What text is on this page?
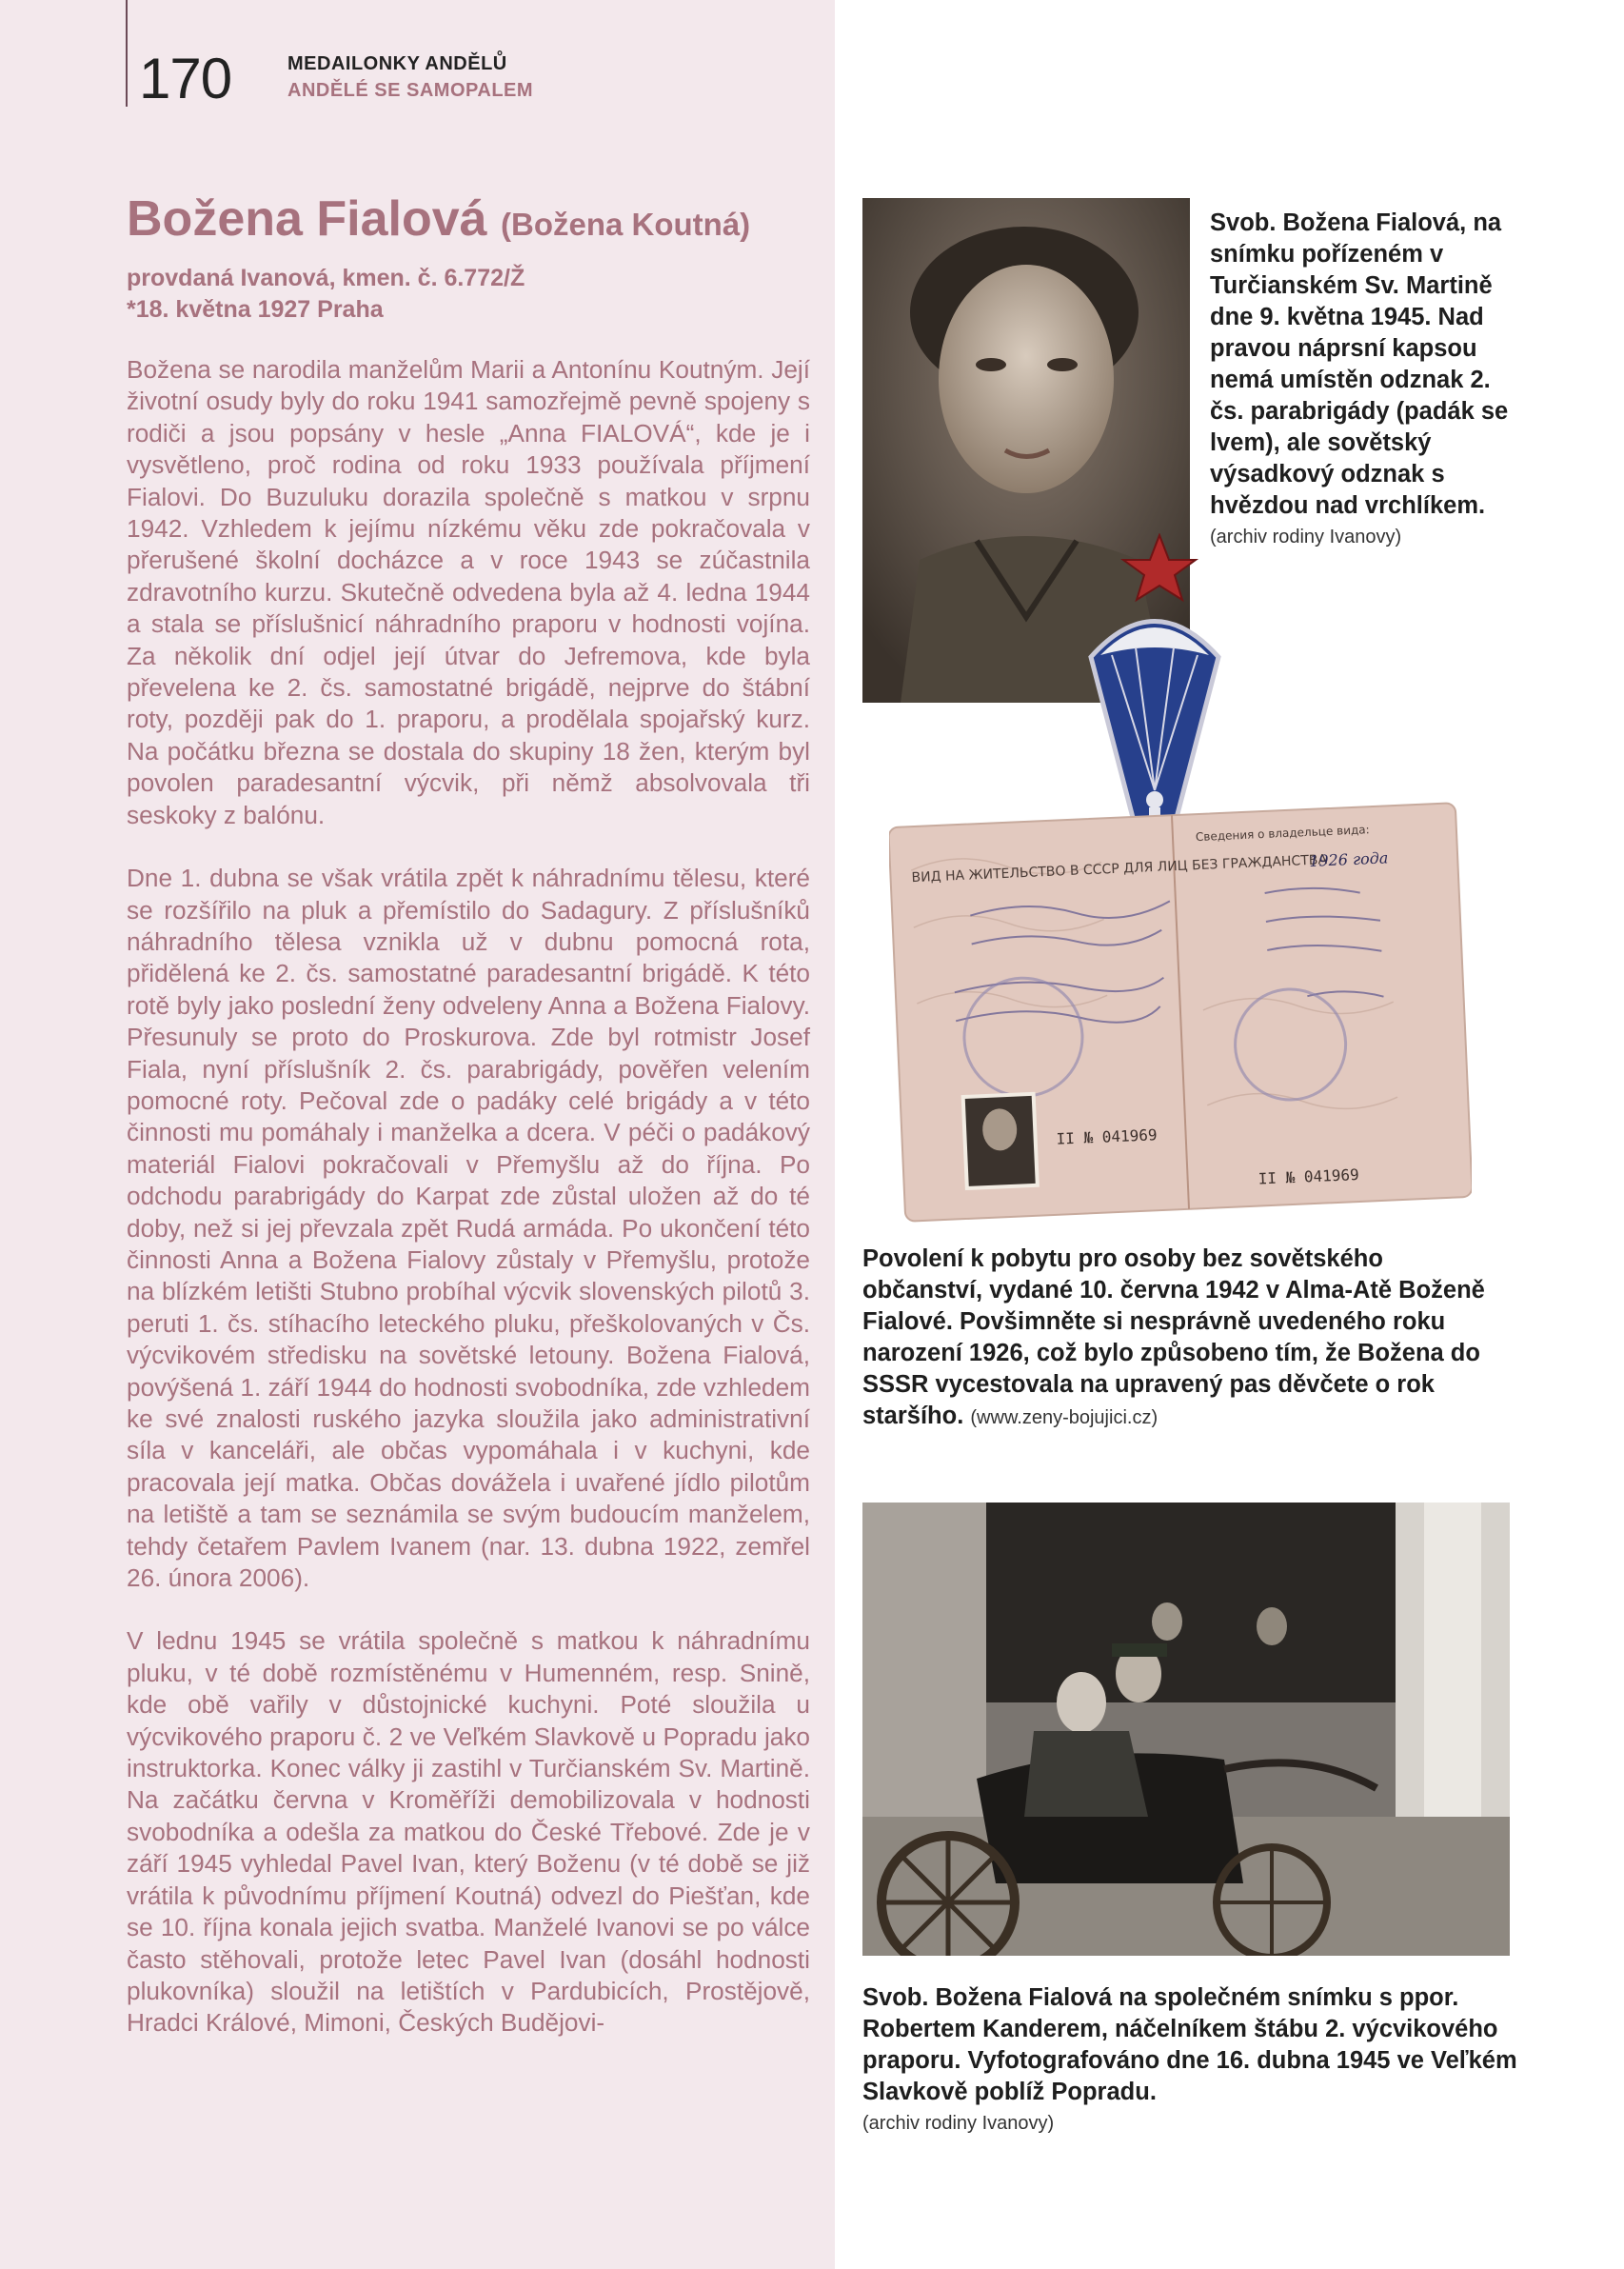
170	MEDAILONKY ANDĚLŮ
ANDĚLÉ SE SAMOPALEM
Božena Fialová (Božena Koutná)
provdaná Ivanová, kmen. č. 6.772/Ž
*18. května 1927 Praha

Božena se narodila manželům Marii a Antonínu Koutným. Její životní osudy byly do roku 1941 samozřejmě pevně spojeny s rodiči a jsou popsány v hesle „Anna FIALOVÁ“, kde je i vysvětleno, proč rodina od roku 1933 používala příjmení Fialovi. Do Buzuluku dorazila společně s matkou v srpnu 1942. Vzhledem k jejímu nízkému věku zde pokračovala v přerušené školní docházce a v roce 1943 se zúčastnila zdravotního kurzu. Skutečně odvedena byla až 4. ledna 1944 a stala se příslušnicí náhradního praporu v hodnosti vojína. Za několik dní odjel její útvar do Jefremova, kde byla převelena ke 2. čs. samostatné brigádě, nejprve do štábní roty, později pak do 1. praporu, a prodělala spojařský kurz. Na počátku března se dostala do skupiny 18 žen, kterým byl povolen paradesantní výcvik, při němž absolvovala tři seskoky z balónu.

Dne 1. dubna se však vrátila zpět k náhradnímu tělesu, které se rozšířilo na pluk a přemístilo do Sadagury. Z příslušníků náhradního tělesa vznikla už v dubnu pomocná rota, přidělená ke 2. čs. samostatné paradesantní brigádě. K této rotě byly jako poslední ženy odveleny Anna a Božena Fialovy. Přesunuly se proto do Proskurova. Zde byl rotmistr Josef Fiala, nyní příslušník 2. čs. parabrigády, pověřen velením pomocné roty. Pečoval zde o padáky celé brigády a v této činnosti mu pomáhaly i manželka a dcera. V péči o padákový materiál Fialovi pokračovali v Přemyšlu až do října. Po odchodu parabrigády do Karpat zde zůstal uložen až do té doby, než si jej převzala zpět Rudá armáda. Po ukončení této činnosti Anna a Božena Fialovy zůstaly v Přemyšlu, protože na blízkém letišti Stubno probíhal výcvik slovenských pilotů 3. peruti 1. čs. stíhacího leteckého pluku, přeškolovaných v Čs. výcvikovém středisku na sovětské letouny. Božena Fialová, povýšená 1. září 1944 do hodnosti svobodníka, zde vzhledem ke své znalosti ruského jazyka sloužila jako administrativní síla v kanceláři, ale občas vypomáhala i v kuchyni, kde pracovala její matka. Občas dovážela i uvařené jídlo pilotům na letiště a tam se seznámila se svým budoucím manželem, tehdy četařem Pavlem Ivanem (nar. 13. dubna 1922, zemřel 26. února 2006).

V lednu 1945 se vrátila společně s matkou k náhradnímu pluku, v té době rozmístěnému v Humenném, resp. Snině, kde obě vařily v důstojnické kuchyni. Poté sloužila u výcvikového praporu č. 2 ve Veľkém Slavkově u Popradu jako instruktorka. Konec války ji zastihl v Turčianském Sv. Martině. Na začátku června v Kroměříži demobilizovala v hodnosti svobodníka a odešla za matkou do České Třebové. Zde je v září 1945 vyhledal Pavel Ivan, který Boženu (v té době se již vrátila k původnímu příjmení Koutná) odvezl do Piešťan, kde se 10. října konala jejich svatba. Manželé Ivanovi se po válce často stěhovali, protože letec Pavel Ivan (dosáhl hodnosti plukovníka) sloužil na letištích v Pardubicích, Prostějově, Hradci Králové, Mimoni, Českých Budějovi-

Svob. Božena Fialová, na snímku pořízeném v Turčianském Sv. Martině dne 9. května 1945. Nad pravou náprsní kapsou nemá umístěn odznak 2. čs. parabrigády (padák se lvem), ale sovětský výsadkový odznak s hvězdou nad vrchlíkem.
(archiv rodiny Ivanovy)
ВИД НА ЖИТЕЛЬСТВО В СССР ДЛЯ ЛИЦ БЕЗ ГРАЖДАНСТВА
Сведения о владельце вида:
1926 года
II № 041969
II № 041969
Povolení k pobytu pro osoby bez sovětského občanství, vydané 10. června 1942 v Alma-Atě Boženě Fialové. Povšimněte si nesprávně uvedeného roku narození 1926, což bylo způsobeno tím, že Božena do SSSR vycestovala na upravený pas děvčete o rok staršího. (www.zeny-bojujici.cz)
Svob. Božena Fialová na společném snímku s ppor. Robertem Kanderem, náčelníkem štábu 2. výcvikového praporu. Vyfotografováno dne 16. dubna 1945 ve Veľkém Slavkově poblíž Popradu.
(archiv rodiny Ivanovy)
